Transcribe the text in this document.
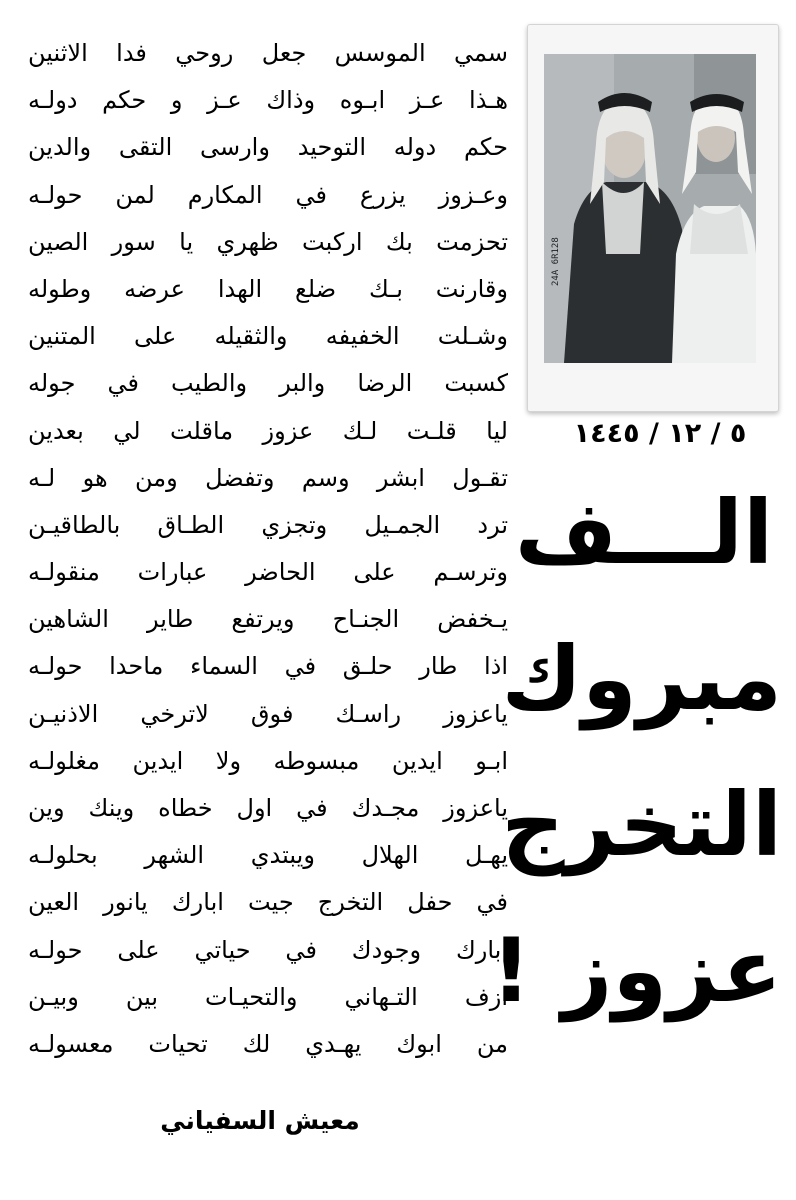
سمي الموسس جعل روحي فدا الاثنين
هـذا عـز ابـوه وذاك عـز و حكم دولـه
حكم دوله التوحيد وارسى التقى والدين
وعـزوز يزرع في المكارم لمن حولـه
تحزمت بك اركبت ظهري يا سور الصين
وقارنت بـك ضلع الهدا عرضه وطوله
وشـلت الخفيفه والثقيله على المتنين
كسبت الرضا والبر والطيب في جوله
ليا قلـت لـك عزوز ماقلت لي بعدين
تقـول ابشر وسم وتفضل ومن هو لـه
ترد الجمـيل وتجزي الطـاق بالطاقيـن
وترسـم على الحاضر عبارات منقولـه
يـخفض الجنـاح ويرتفع طاير الشاهين
اذا طار حلـق في السماء ماحدا حولـه
ياعزوز راسـك فوق لاترخي الاذنيـن
ابـو ايدين مبسوطه ولا ايدين مغلولـه
ياعزوز مجـدك في اول خطاه وينك وين
يهـل الهلال ويبتدي الشهر بحلولـه
في حفل التخرج جيت ابارك يانور العين
ابارك وجودك في حياتي على حولـه
ازف التـهاني والتحيـات بين وبيـن
من ابوك يهـدي لك تحيات معسولـه
معيش السفياني
24A 6R128
٥ / ١٢ / ١٤٤٥
الـــف
مبروك
التخرج
عزوز !
